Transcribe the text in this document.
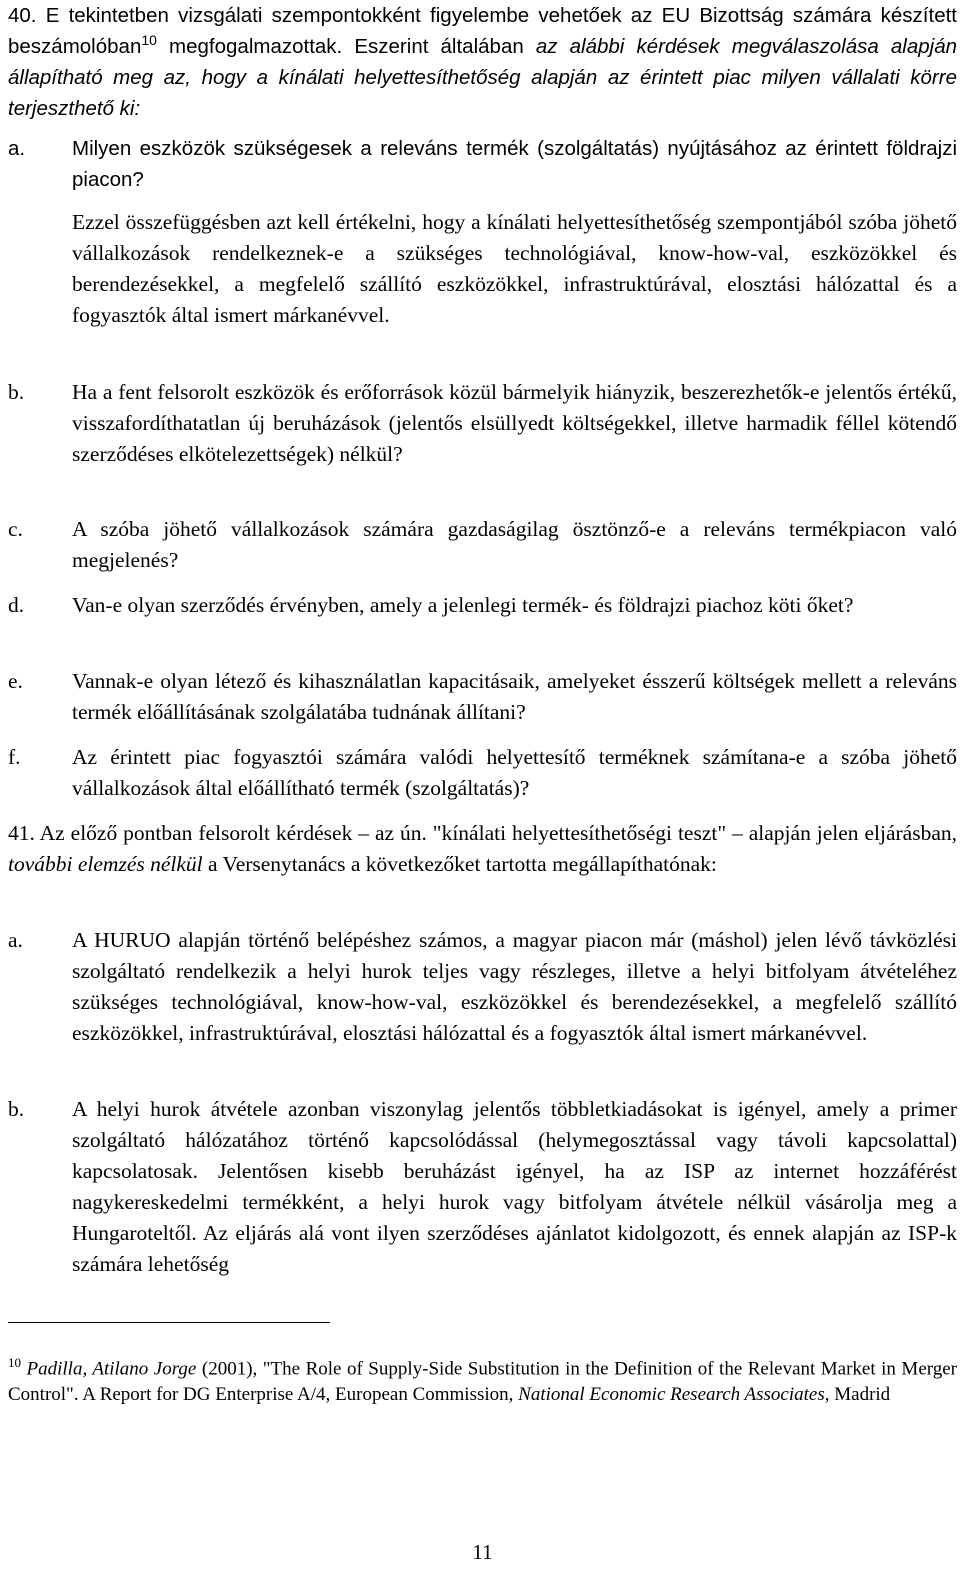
40. E tekintetben vizsgálati szempontokként figyelembe vehetőek az EU Bizottság számára készített beszámolóban$^{10}$ megfogalmazottak. Eszerint általában az alábbi kérdések megválaszolása alapján állapítható meg az, hogy a kínálati helyettesíthetőség alapján az érintett piac milyen vállalati körre terjeszthető ki:

a. Milyen eszközök szükségesek a releváns termék (szolgáltatás) nyújtásához az érintett földrajzi piacon?
Ezzel összefüggésben azt kell értékelni, hogy a kínálati helyettesíthetőség szempontjából szóba jöhető vállalkozások rendelkeznek-e a szükséges technológiával, know-how-val, eszközökkel és berendezésekkel, a megfelelő szállító eszközökkel, infrastruktúrával, elosztási hálózattal és a fogyasztók által ismert márkanévvel.
b. Ha a fent felsorolt eszközök és erőforrások közül bármelyik hiányzik, beszerezhetők-e jelentős értékű, visszafordíthatatlan új beruházások (jelentős elsüllyedt költségekkel, illetve harmadik féllel kötendő szerződéses elkötelezettségek) nélkül?
c. A szóba jöhető vállalkozások számára gazdaságilag ösztönző-e a releváns termékpiacon való megjelenés?
d. Van-e olyan szerződés érvényben, amely a jelenlegi termék- és földrajzi piachoz köti őket?
e. Vannak-e olyan létező és kihasználatlan kapacitásaik, amelyeket ésszerű költségek mellett a releváns termék előállításának szolgálatába tudnának állítani?
f. Az érintett piac fogyasztói számára valódi helyettesítő terméknek számítana-e a szóba jöhető vállalkozások által előállítható termék (szolgáltatás)?

41. Az előző pontban felsorolt kérdések – az ún. "kínálati helyettesíthetőségi teszt" – alapján jelen eljárásban, további elemzés nélkül a Versenytanács a következőket tartotta megállapíthatónak:

a. A HURUO alapján történő belépéshez számos, a magyar piacon már (máshol) jelen lévő távközlési szolgáltató rendelkezik a helyi hurok teljes vagy részleges, illetve a helyi bitfolyam átvételéhez szükséges technológiával, know-how-val, eszközökkel és berendezésekkel, a megfelelő szállító eszközökkel, infrastruktúrával, elosztási hálózattal és a fogyasztók által ismert márkanévvel.
b. A helyi hurok átvétele azonban viszonylag jelentős többletkiadásokat is igényel, amely a primer szolgáltató hálózatához történő kapcsolódással (helymegosztással vagy távoli kapcsolattal) kapcsolatosak. Jelentősen kisebb beruházást igényel, ha az ISP az internet hozzáférést nagykereskedelmi termékként, a helyi hurok vagy bitfolyam átvétele nélkül vásárolja meg a Hungaroteltől. Az eljárás alá vont ilyen szerződéses ajánlatot kidolgozott, és ennek alapján az ISP-k számára lehetőség
$^{10}$ Padilla, Atilano Jorge (2001), "The Role of Supply-Side Substitution in the Definition of the Relevant Market in Merger Control". A Report for DG Enterprise A/4, European Commission, National Economic Research Associates, Madrid
11
